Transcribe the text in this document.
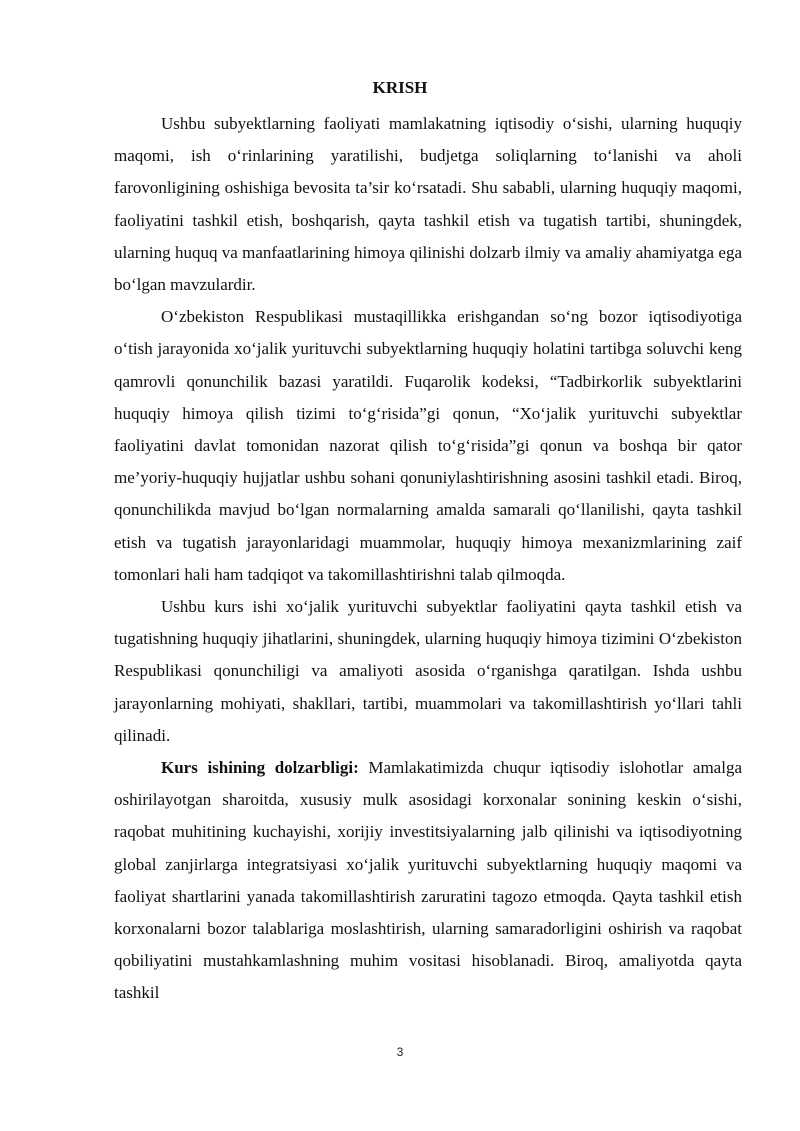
KRISH

Ushbu subyektlarning faoliyati mamlakatning iqtisodiy o‘sishi, ularning huquqiy maqomi, ish o‘rinlarining yaratilishi, budjetga soliqlarning to‘lanishi va aholi farovonligining oshishiga bevosita ta’sir ko‘rsatadi. Shu sababli, ularning huquqiy maqomi, faoliyatini tashkil etish, boshqarish, qayta tashkil etish va tugatish tartibi, shuningdek, ularning huquq va manfaatlarining himoya qilinishi dolzarb ilmiy va amaliy ahamiyatga ega bo‘lgan mavzulardir.

O‘zbekiston Respublikasi mustaqillikka erishgandan so‘ng bozor iqtisodiyotiga o‘tish jarayonida xo‘jalik yurituvchi subyektlarning huquqiy holatini tartibga soluvchi keng qamrovli qonunchilik bazasi yaratildi. Fuqarolik kodeksi, “Tadbirkorlik subyektlarini huquqiy himoya qilish tizimi to‘g‘risida”gi qonun, “Xo‘jalik yurituvchi subyektlar faoliyatini davlat tomonidan nazorat qilish to‘g‘risida”gi qonun va boshqa bir qator me’yoriy-huquqiy hujjatlar ushbu sohani qonuniylashtirishning asosini tashkil etadi. Biroq, qonunchilikda mavjud bo‘lgan normalarning amalda samarali qo‘llanilishi, qayta tashkil etish va tugatish jarayonlaridagi muammolar, huquqiy himoya mexanizmlarining zaif tomonlari hali ham tadqiqot va takomillashtirishni talab qilmoqda.

Ushbu kurs ishi xo‘jalik yurituvchi subyektlar faoliyatini qayta tashkil etish va tugatishning huquqiy jihatlarini, shuningdek, ularning huquqiy himoya tizimini O‘zbekiston Respublikasi qonunchiligi va amaliyoti asosida o‘rganishga qaratilgan. Ishda ushbu jarayonlarning mohiyati, shakllari, tartibi, muammolari va takomillashtirish yo‘llari tahli qilinadi.

Kurs ishining dolzarbligi: Mamlakatimizda chuqur iqtisodiy islohotlar amalga oshirilayotgan sharoitda, xususiy mulk asosidagi korxonalar sonining keskin o‘sishi, raqobat muhitining kuchayishi, xorijiy investitsiyalarning jalb qilinishi va iqtisodiyotning global zanjirlarga integratsiyasi xo‘jalik yurituvchi subyektlarning huquqiy maqomi va faoliyat shartlarini yanada takomillashtirish zaruratini tagozo etmoqda. Qayta tashkil etish korxonalarni bozor talablariga moslashtirish, ularning samaradorligini oshirish va raqobat qobiliyatini mustahkamlashning muhim vositasi hisoblanadi. Biroq, amaliyotda qayta tashkil

3
